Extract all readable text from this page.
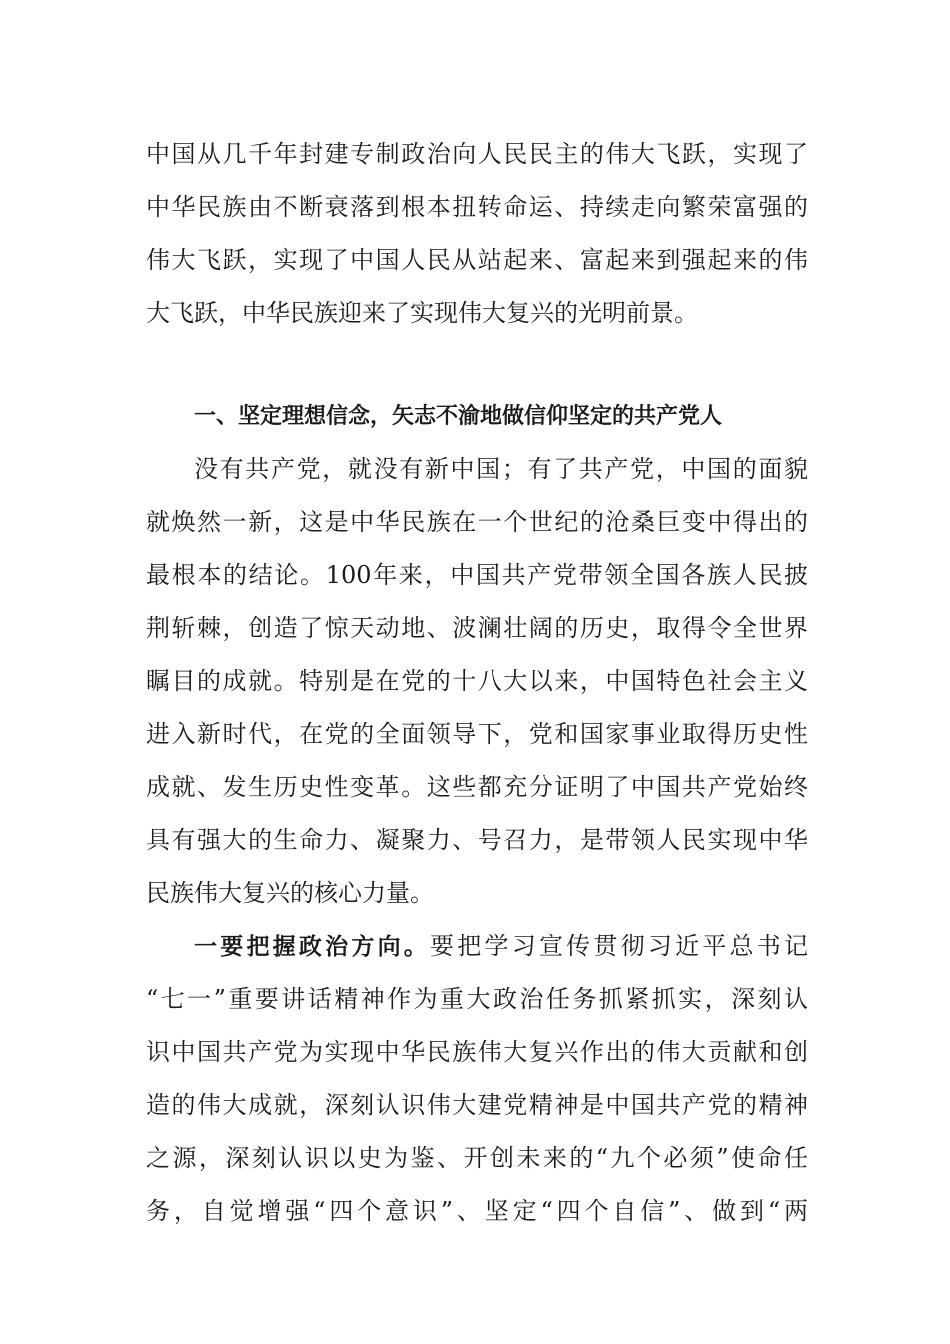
中国从几千年封建专制政治向人民民主的伟大飞跃，实现了
中华民族由不断衰落到根本扭转命运、持续走向繁荣富强的
伟大飞跃，实现了中国人民从站起来、富起来到强起来的伟
大飞跃，中华民族迎来了实现伟大复兴的光明前景。
一、坚定理想信念，矢志不渝地做信仰坚定的共产党人
没有共产党，就没有新中国；有了共产党，中国的面貌
就焕然一新，这是中华民族在一个世纪的沧桑巨变中得出的
最根本的结论。100年来，中国共产党带领全国各族人民披
荆斩棘，创造了惊天动地、波澜壮阔的历史，取得令全世界
瞩目的成就。特别是在党的十八大以来，中国特色社会主义
进入新时代，在党的全面领导下，党和国家事业取得历史性
成就、发生历史性变革。这些都充分证明了中国共产党始终
具有强大的生命力、凝聚力、号召力，是带领人民实现中华
民族伟大复兴的核心力量。
一要把握政治方向。要把学习宣传贯彻习近平总书记
“七一”重要讲话精神作为重大政治任务抓紧抓实，深刻认
识中国共产党为实现中华民族伟大复兴作出的伟大贡献和创
造的伟大成就，深刻认识伟大建党精神是中国共产党的精神
之源，深刻认识以史为鉴、开创未来的“九个必须”使命任
务，自觉增强“四个意识”、坚定“四个自信”、做到“两
